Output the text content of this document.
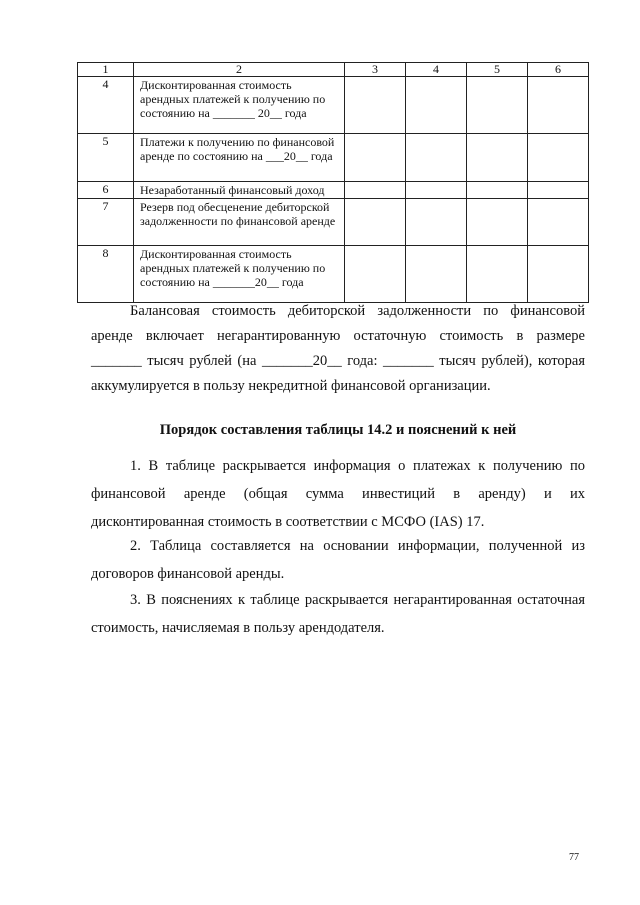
1	2	3	4	5	6
4	Дисконтированная стоимость арендных платежей к получению по состоянию на _______ 20__ года				
5	Платежи к получению по финансовой аренде по состоянию на ___20__ года				
6	Незаработанный финансовый доход				
7	Резерв под обесценение дебиторской задолженности по финансовой аренде				
8	Дисконтированная стоимость арендных платежей к получению по состоянию на _______20__ года				

Балансовая стоимость дебиторской задолженности по финансовой
аренде включает негарантированную остаточную стоимость в размере
_______ тысяч рублей (на _______20__ года: _______ тысяч рублей), которая
аккумулируется в пользу некредитной финансовой организации.

Порядок составления таблицы 14.2 и пояснений к ней

1. В таблице раскрывается информация о платежах к получению по
финансовой аренде (общая сумма инвестиций в аренду) и их
дисконтированная стоимость в соответствии с МСФО (IAS) 17.

2. Таблица составляется на основании информации, полученной из
договоров финансовой аренды.

3. В пояснениях к таблице раскрывается негарантированная остаточная
стоимость, начисляемая в пользу арендодателя.

77
